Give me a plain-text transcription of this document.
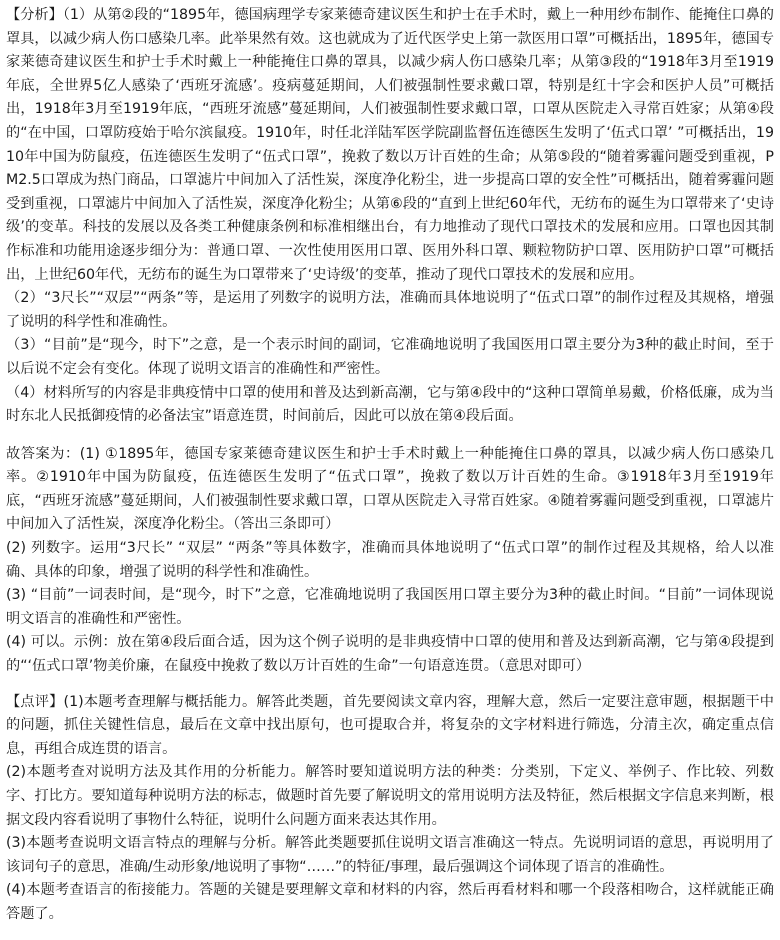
【分析】（1）从第②段的“1895年，德国病理学专家莱德奇建议医生和护士在手术时，戴上一种用纱布制作、能掩住口鼻的罩具，以减少病人伤口感染几率。此举果然有效。这也就成为了近代医学史上第一款医用口罩”可概括出，1895年，德国专家莱德奇建议医生和护士手术时戴上一种能掩住口鼻的罩具，以减少病人伤口感染几率；从第③段的“1918年3月至1919年底，全世界5亿人感染了‘西班牙流感’。疫病蔓延期间，人们被强制性要求戴口罩，特别是红十字会和医护人员”可概括出，1918年3月至1919年底，“西班牙流感”蔓延期间，人们被强制性要求戴口罩，口罩从医院走入寻常百姓家；从第④段的“在中国，口罩防疫始于哈尔滨鼠疫。1910年，时任北洋陆军医学院副监督伍连德医生发明了‘伍式口罩’ ”可概括出，1910年中国为防鼠疫，伍连德医生发明了“伍式口罩”，挽救了数以万计百姓的生命；从第⑤段的“随着雾霾问题受到重视，PM2.5口罩成为热门商品，口罩滤片中间加入了活性炭，深度净化粉尘，进一步提高口罩的安全性”可概括出，随着雾霾问题受到重视，口罩滤片中间加入了活性炭，深度净化粉尘；从第⑥段的“直到上世纪60年代，无纺布的诞生为口罩带来了‘史诗级’的变革。科技的发展以及各类工种健康条例和标准相继出台，有力地推动了现代口罩技术的发展和应用。口罩也因其制作标准和功能用途逐步细分为：普通口罩、一次性使用医用口罩、医用外科口罩、颗粒物防护口罩、医用防护口罩”可概括出，上世纪60年代，无纺布的诞生为口罩带来了‘史诗级’的变革，推动了现代口罩技术的发展和应用。

（2）“3尺长”“双层”“两条”等，是运用了列数字的说明方法，准确而具体地说明了“伍式口罩”的制作过程及其规格，增强了说明的科学性和准确性。

（3）“目前”是“现今，时下”之意，是一个表示时间的副词，它准确地说明了我国医用口罩主要分为3种的截止时间，至于以后说不定会有变化。体现了说明文语言的准确性和严密性。

（4）材料所写的内容是非典疫情中口罩的使用和普及达到新高潮，它与第④段中的“这种口罩简单易戴，价格低廉，成为当时东北人民抵御疫情的必备法宝”语意连贯，时间前后，因此可以放在第④段后面。

故答案为：(1) ①1895年，德国专家莱德奇建议医生和护士手术时戴上一种能掩住口鼻的罩具，以减少病人伤口感染几率。②1910年中国为防鼠疫，伍连德医生发明了“伍式口罩”，挽救了数以万计百姓的生命。③1918年3月至1919年底，“西班牙流感”蔓延期间，人们被强制性要求戴口罩，口罩从医院走入寻常百姓家。④随着雾霾问题受到重视，口罩滤片中间加入了活性炭，深度净化粉尘。（答出三条即可）

(2) 列数字。运用“3尺长” “双层” “两条”等具体数字，准确而具体地说明了“伍式口罩”的制作过程及其规格，给人以准确、具体的印象，增强了说明的科学性和准确性。

(3) “目前”一词表时间，是“现今，时下”之意，它准确地说明了我国医用口罩主要分为3种的截止时间。“目前”一词体现说明文语言的准确性和严密性。

(4) 可以。示例：放在第④段后面合适，因为这个例子说明的是非典疫情中口罩的使用和普及达到新高潮，它与第④段提到的“‘伍式口罩’物美价廉，在鼠疫中挽救了数以万计百姓的生命”一句语意连贯。（意思对即可）

【点评】(1)本题考查理解与概括能力。解答此类题，首先要阅读文章内容，理解大意，然后一定要注意审题，根据题干中的问题，抓住关键性信息，最后在文章中找出原句，也可提取合并，将复杂的文字材料进行筛选，分清主次，确定重点信息，再组合成连贯的语言。

(2)本题考查对说明方法及其作用的分析能力。解答时要知道说明方法的种类：分类别，下定义、举例子、作比较、列数字、打比方。要知道每种说明方法的标志，做题时首先要了解说明文的常用说明方法及特征，然后根据文字信息来判断，根据文段内容看说明了事物什么特征，说明什么问题方面来表达其作用。

(3)本题考查说明文语言特点的理解与分析。解答此类题要抓住说明文语言准确这一特点。先说明词语的意思，再说明用了该词句子的意思，准确/生动形象/地说明了事物“……”的特征/事理，最后强调这个词体现了语言的准确性。

(4)本题考查语言的衔接能力。答题的关键是要理解文章和材料的内容，然后再看材料和哪一个段落相吻合，这样就能正确答题了。
